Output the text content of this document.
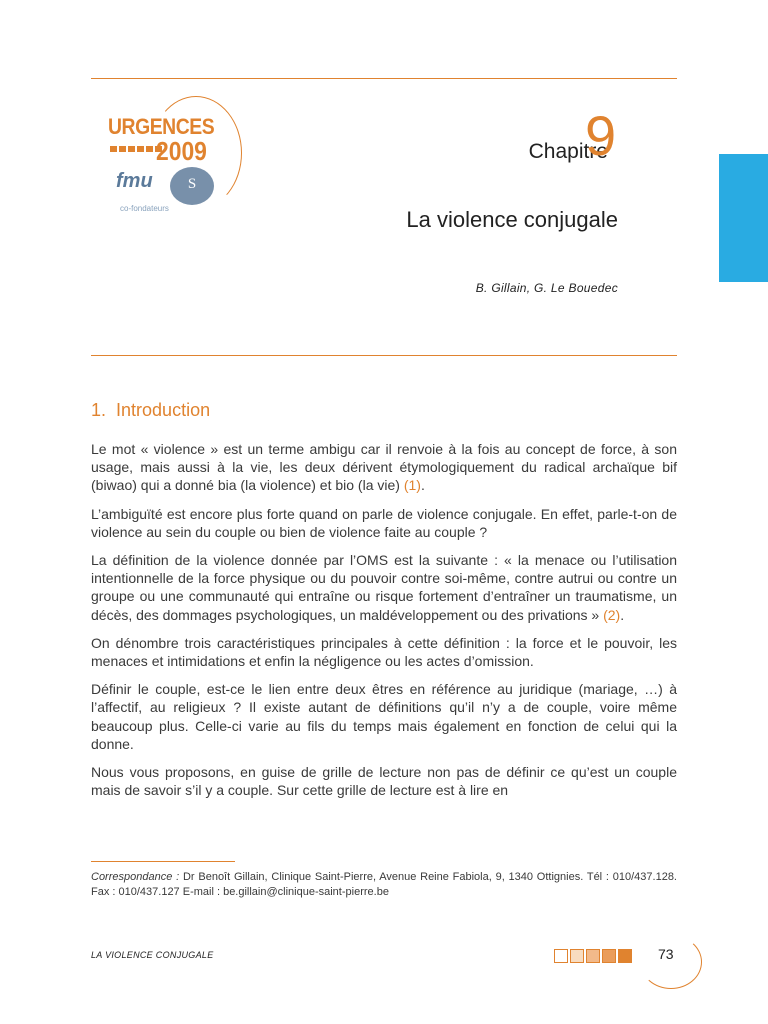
URGENCES
2009
fmu	S
co-fondateurs
Chapitre
9
La violence conjugale
B. Gillain, G. Le Bouedec
1. Introduction

Le mot « violence » est un terme ambigu car il renvoie à la fois au concept de force, à son usage, mais aussi à la vie, les deux dérivent étymologiquement du radical archaïque bif (biwao) qui a donné bia (la violence) et bio (la vie) (1).

L’ambiguïté est encore plus forte quand on parle de violence conjugale. En effet, parle-t-on de violence au sein du couple ou bien de violence faite au couple ?

La définition de la violence donnée par l’OMS est la suivante : « la menace ou l’utilisation intentionnelle de la force physique ou du pouvoir contre soi-même, contre autrui ou contre un groupe ou une communauté qui entraîne ou risque fortement d’entraîner un traumatisme, un décès, des dommages psychologiques, un maldéveloppement ou des privations » (2).

On dénombre trois caractéristiques principales à cette définition : la force et le pouvoir, les menaces et intimidations et enfin la négligence ou les actes d’omission.

Définir le couple, est-ce le lien entre deux êtres en référence au juridique (mariage, …) à l’affectif, au religieux ? Il existe autant de définitions qu’il n’y a de couple, voire même beaucoup plus. Celle-ci varie au fils du temps mais également en fonction de celui qui la donne.

Nous vous proposons, en guise de grille de lecture non pas de définir ce qu’est un couple mais de savoir s’il y a couple. Sur cette grille de lecture est à lire en

Correspondance : Dr Benoît Gillain, Clinique Saint-Pierre, Avenue Reine Fabiola, 9, 1340 Ottignies. Tél : 010/437.128. Fax : 010/437.127 E-mail : be.gillain@clinique-saint-pierre.be
LA VIOLENCE CONJUGALE	73
